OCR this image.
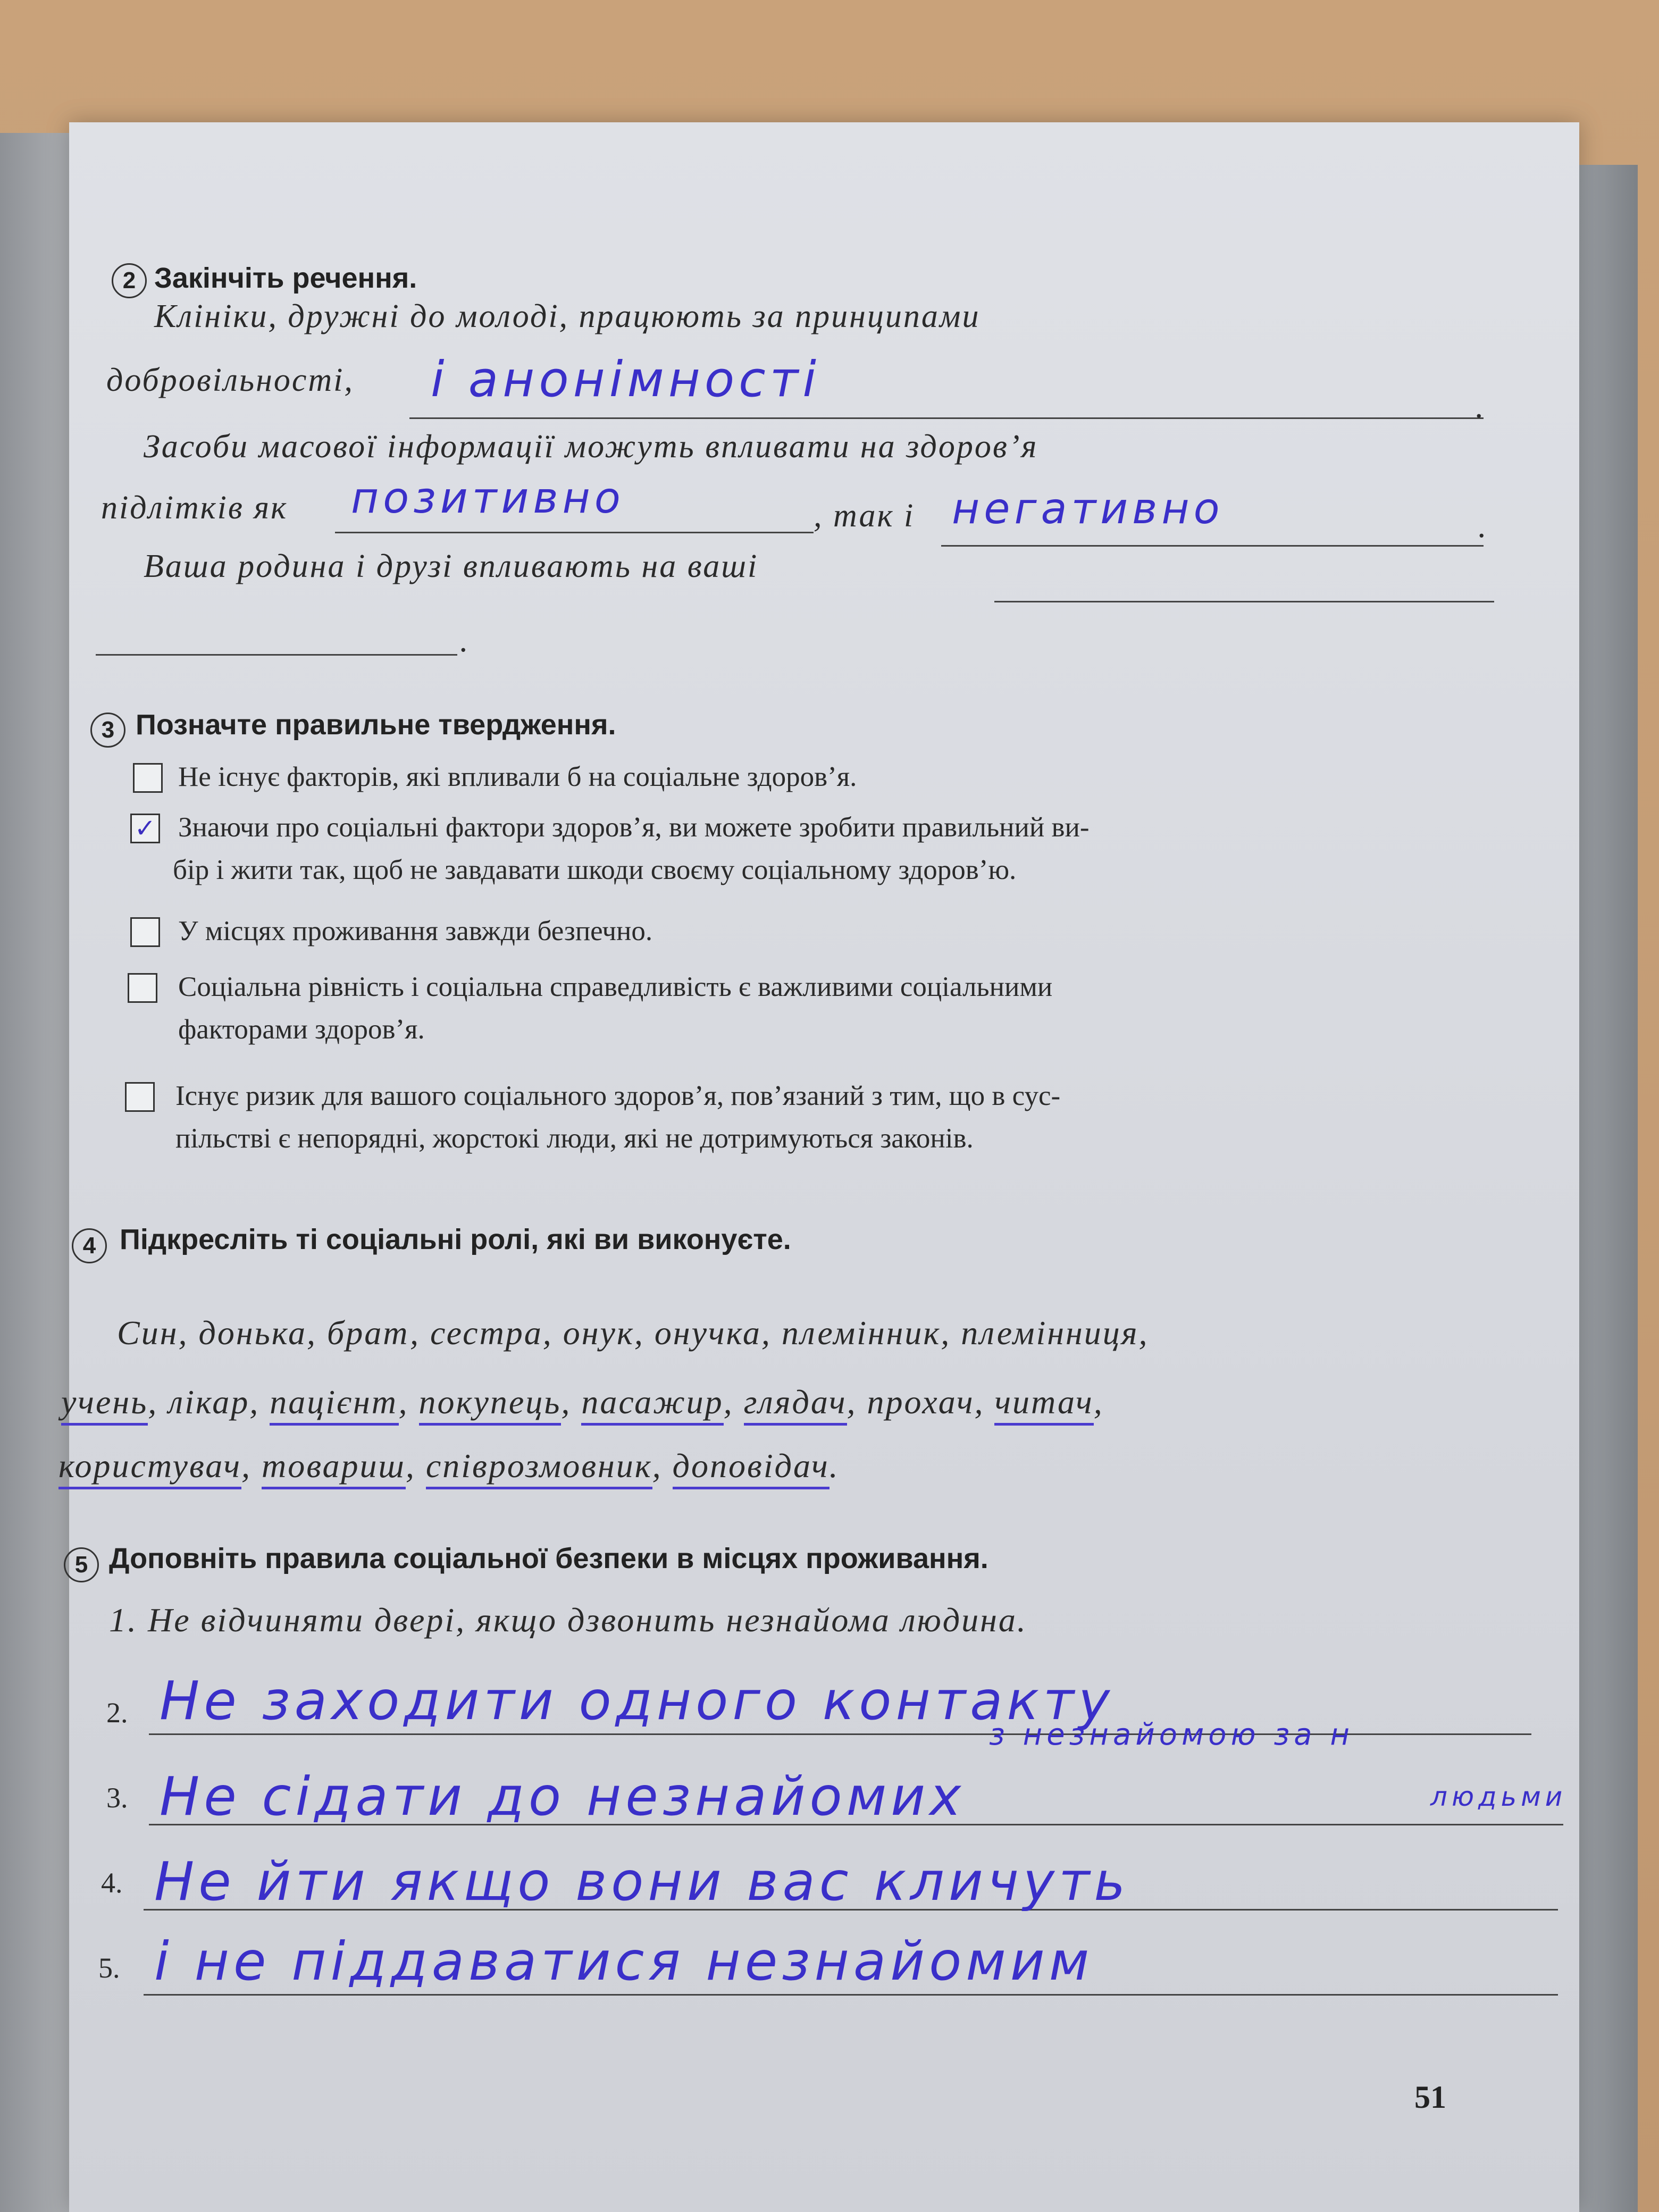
2 Закінчіть речення.
Клініки, дружні до молоді, працюють за принципами
добровільності, і анонімності	.
Засоби масової інформації можуть впливати на здоров’я
підлітків як позитивно	, так і негативно	.
Ваша родина і друзі впливають на ваші
.
3 Позначте правильне твердження.
Не існує факторів, які впливали б на соціальне здоров’я.
✓ Знаючи про соціальні фактори здоров’я, ви можете зробити правильний ви-
бір і жити так, щоб не завдавати шкоди своєму соціальному здоров’ю.
У місцях проживання завжди безпечно.
Соціальна рівність і соціальна справедливість є важливими соціальними
факторами здоров’я.
Існує ризик для вашого соціального здоров’я, пов’язаний з тим, що в сус-
пільстві є непорядні, жорстокі люди, які не дотримуються законів.
4 Підкресліть ті соціальні ролі, які ви виконуєте.
Син, донька, брат, сестра, онук, онучка, племінник, племінниця,
учень, лікар, пацієнт, покупець, пасажир, глядач, прохач, читач,
користувач, товариш, співрозмовник, доповідач.
5 Доповніть правила соціальної безпеки в місцях проживання.
1. Не відчиняти двері, якщо дзвонить незнайома людина.
2. Не заходити одного контакту
з незнайомою за н
3. Не сідати до незнайомих	людьми
4. Не йти якщо вони вас кличуть
5. і не піддаватися незнайомим
51
